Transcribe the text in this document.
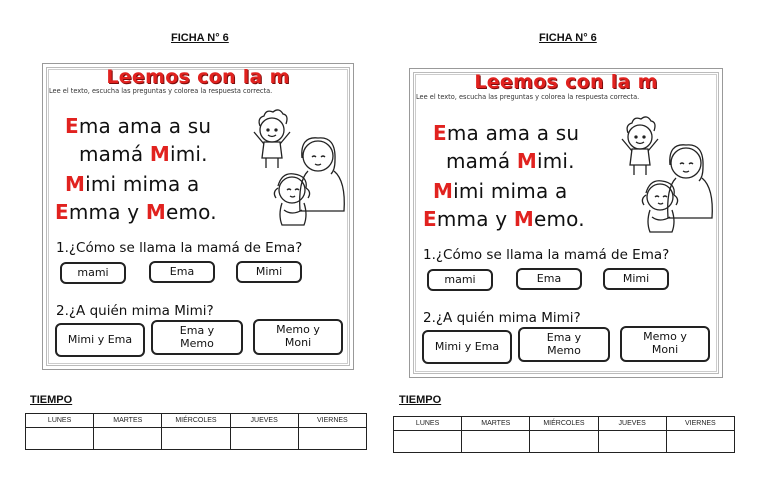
FICHA N° 6
Leemos con la m
Lee el texto, escucha las preguntas y colorea la respuesta correcta.
Ema ama a su
mamá Mimi.
Mimi mima a
Emma y Memo.
1.¿Cómo se llama la mamá de Ema?
mami	Ema	Mimi
2.¿A quién mima Mimi?
Mimi y Ema
Ema y
Memo
Memo y
Moni
TIEMPO
LUNES	MARTES	MIÉRCOLES	JUEVES	VIERNES

FICHA N° 6
Leemos con la m
Lee el texto, escucha las preguntas y colorea la respuesta correcta.
Ema ama a su
mamá Mimi.
Mimi mima a
Emma y Memo.
1.¿Cómo se llama la mamá de Ema?
mami	Ema	Mimi
2.¿A quién mima Mimi?
Mimi y Ema
Ema y
Memo
Memo y
Moni
TIEMPO
LUNES	MARTES	MIÉRCOLES	JUEVES	VIERNES
